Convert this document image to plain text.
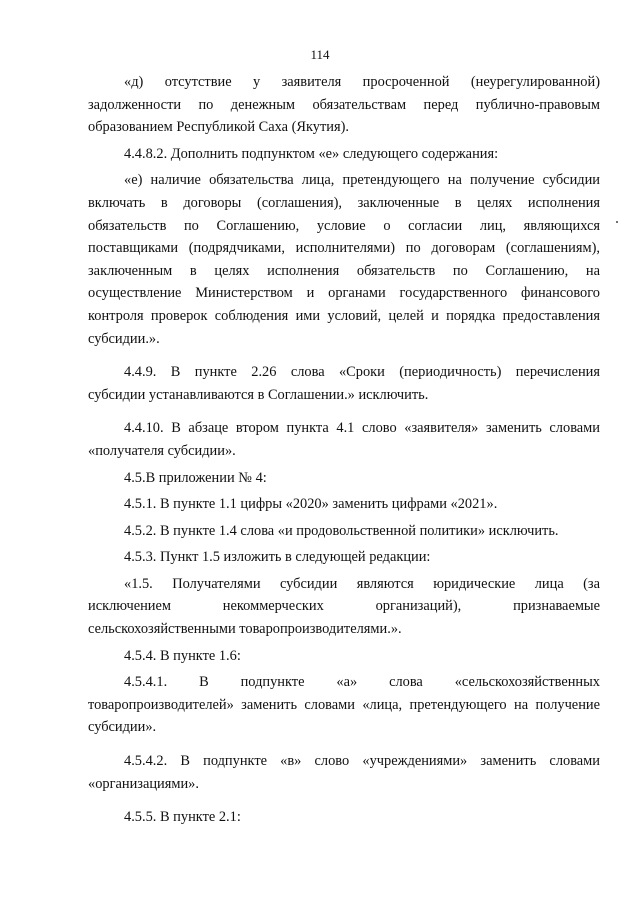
114

«д) отсутствие у заявителя просроченной (неурегулированной)
задолженности по денежным обязательствам перед публично-правовым
образованием Республикой Саха (Якутия).

4.4.8.2. Дополнить подпунктом «е» следующего содержания:

«е) наличие обязательства лица, претендующего на получение субсидии
включать в договоры (соглашения), заключенные в целях исполнения
обязательств по Соглашению, условие о согласии лиц, являющихся
поставщиками (подрядчиками, исполнителями) по договорам (соглашениям),
заключенным в целях исполнения обязательств по Соглашению, на
осуществление Министерством и органами государственного финансового
контроля проверок соблюдения ими условий, целей и порядка предоставления
субсидии.».

4.4.9. В пункте 2.26 слова «Сроки (периодичность) перечисления
субсидии устанавливаются в Соглашении.» исключить.

4.4.10. В абзаце втором пункта 4.1 слово «заявителя» заменить словами
«получателя субсидии».

4.5.В приложении № 4:

4.5.1. В пункте 1.1 цифры «2020» заменить цифрами «2021».

4.5.2. В пункте 1.4 слова «и продовольственной политики» исключить.

4.5.3. Пункт 1.5 изложить в следующей редакции:

«1.5. Получателями субсидии являются юридические лица (за
исключением некоммерческих организаций), признаваемые
сельскохозяйственными товаропроизводителями.».

4.5.4. В пункте 1.6:

4.5.4.1. В подпункте «а» слова «сельскохозяйственных
товаропроизводителей» заменить словами «лица, претендующего на получение
субсидии».

4.5.4.2. В подпункте «в» слово «учреждениями» заменить словами
«организациями».

4.5.5. В пункте 2.1:
